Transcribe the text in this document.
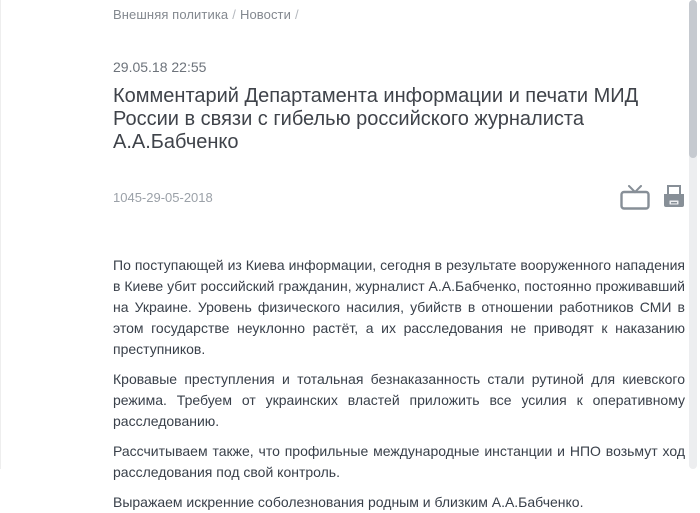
Внешняя политика / Новости /
29.05.18 22:55
Комментарий Департамента информации и печати МИД России в связи с гибелью российского журналиста А.А.Бабченко
1045-29-05-2018

По поступающей из Киева информации, сегодня в результате вооруженного нападения в Киеве убит российский гражданин, журналист А.А.Бабченко, постоянно проживавший на Украине. Уровень физического насилия, убийств в отношении работников СМИ в этом государстве неуклонно растёт, а их расследования не приводят к наказанию преступников.

Кровавые преступления и тотальная безнаказанность стали рутиной для киевского режима. Требуем от украинских властей приложить все усилия к оперативному расследованию.

Рассчитываем также, что профильные международные инстанции и НПО возьмут ход расследования под свой контроль.

Выражаем искренние соболезнования родным и близким А.А.Бабченко.
